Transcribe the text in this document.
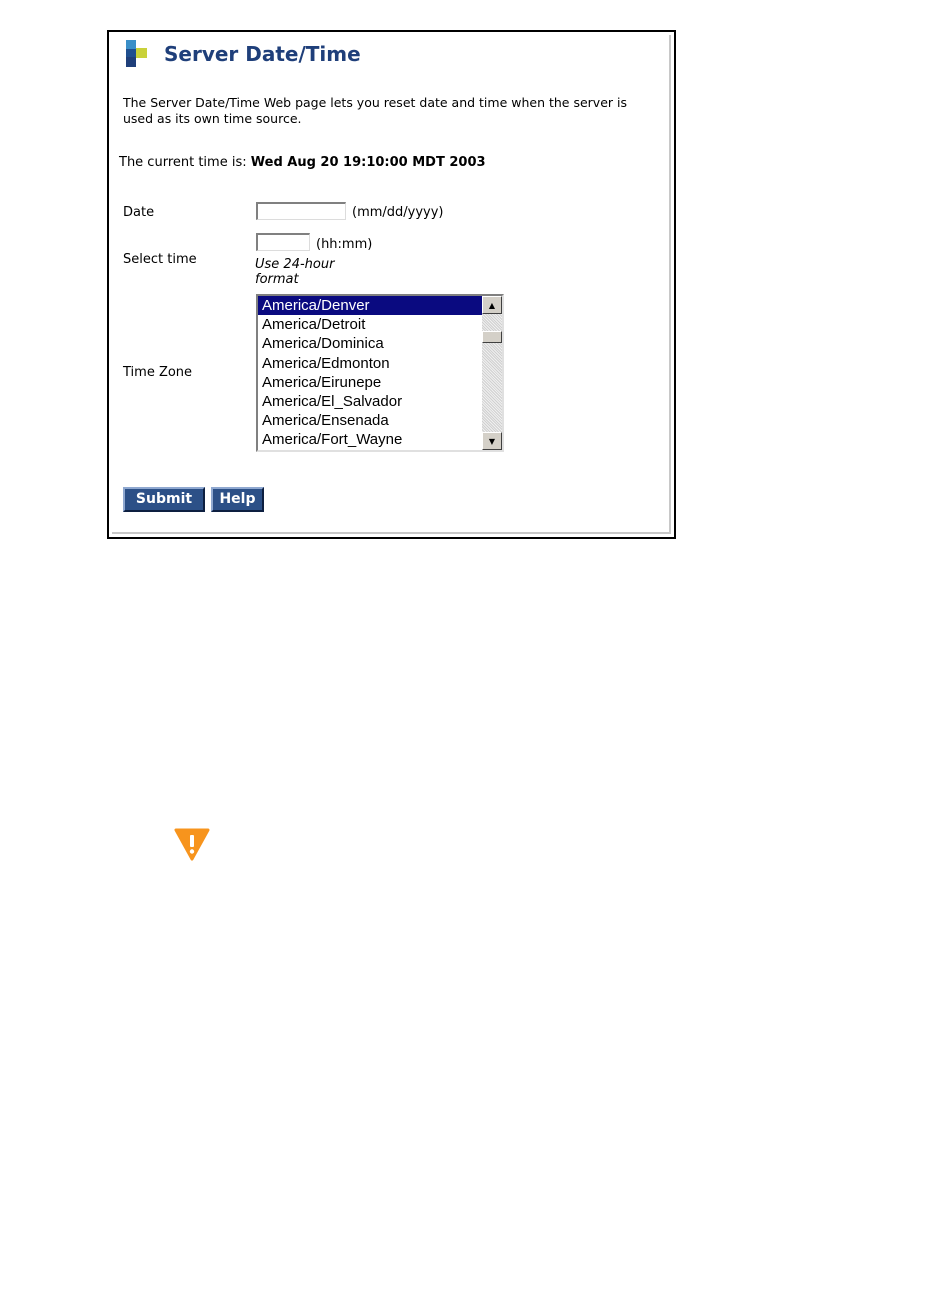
Server Date/Time
The Server Date/Time Web page lets you reset date and time when the server is used as its own time source.
The current time is: Wed Aug 20 19:10:00 MDT 2003
Date	(mm/dd/yyyy)
Select time
(hh:mm)
Use 24-hour format
Time Zone
America/Denver
America/Detroit
America/Dominica
America/Edmonton
America/Eirunepe
America/El_Salvador
America/Ensenada
America/Fort_Wayne
▲
▼
Submit	Help
